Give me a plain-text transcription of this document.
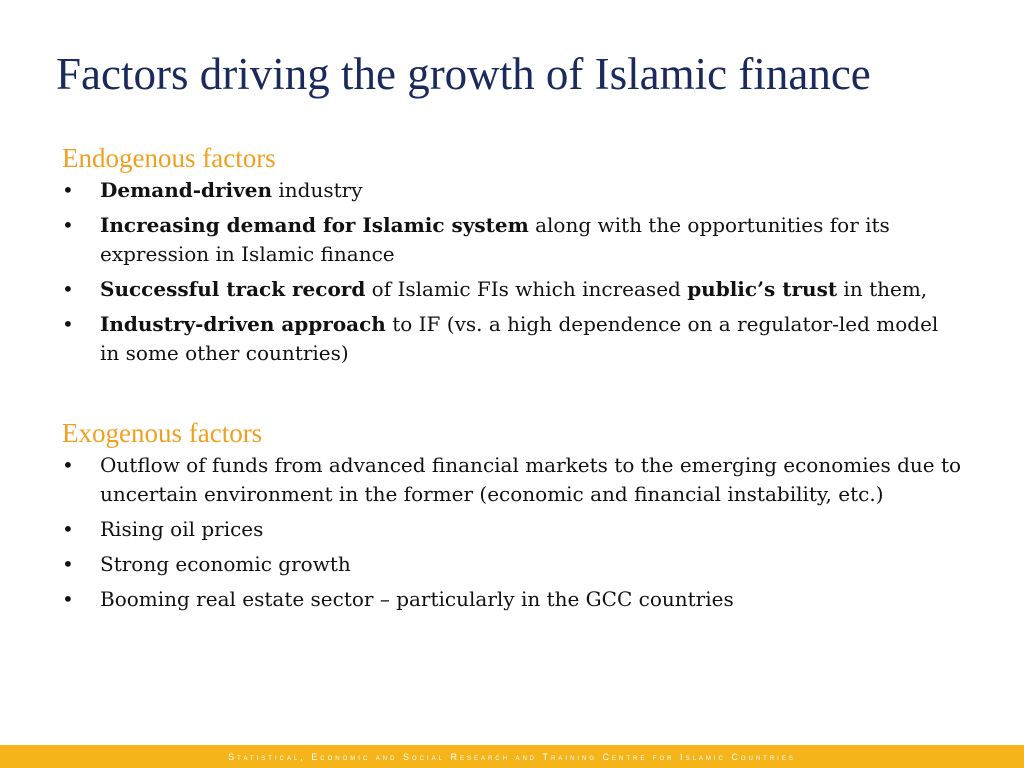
Factors driving the growth of Islamic finance
Endogenous factors
• Demand-driven industry
• Increasing demand for Islamic system along with the opportunities for its expression in Islamic finance
• Successful track record of Islamic FIs which increased public’s trust in them,
• Industry-driven approach to IF (vs. a high dependence on a regulator-led model in some other countries)
Exogenous factors
• Outflow of funds from advanced financial markets to the emerging economies due to uncertain environment in the former (economic and financial instability, etc.)
• Rising oil prices
• Strong economic growth
• Booming real estate sector – particularly in the GCC countries
Statistical, Economic and Social Research and Training Centre for Islamic Countries
